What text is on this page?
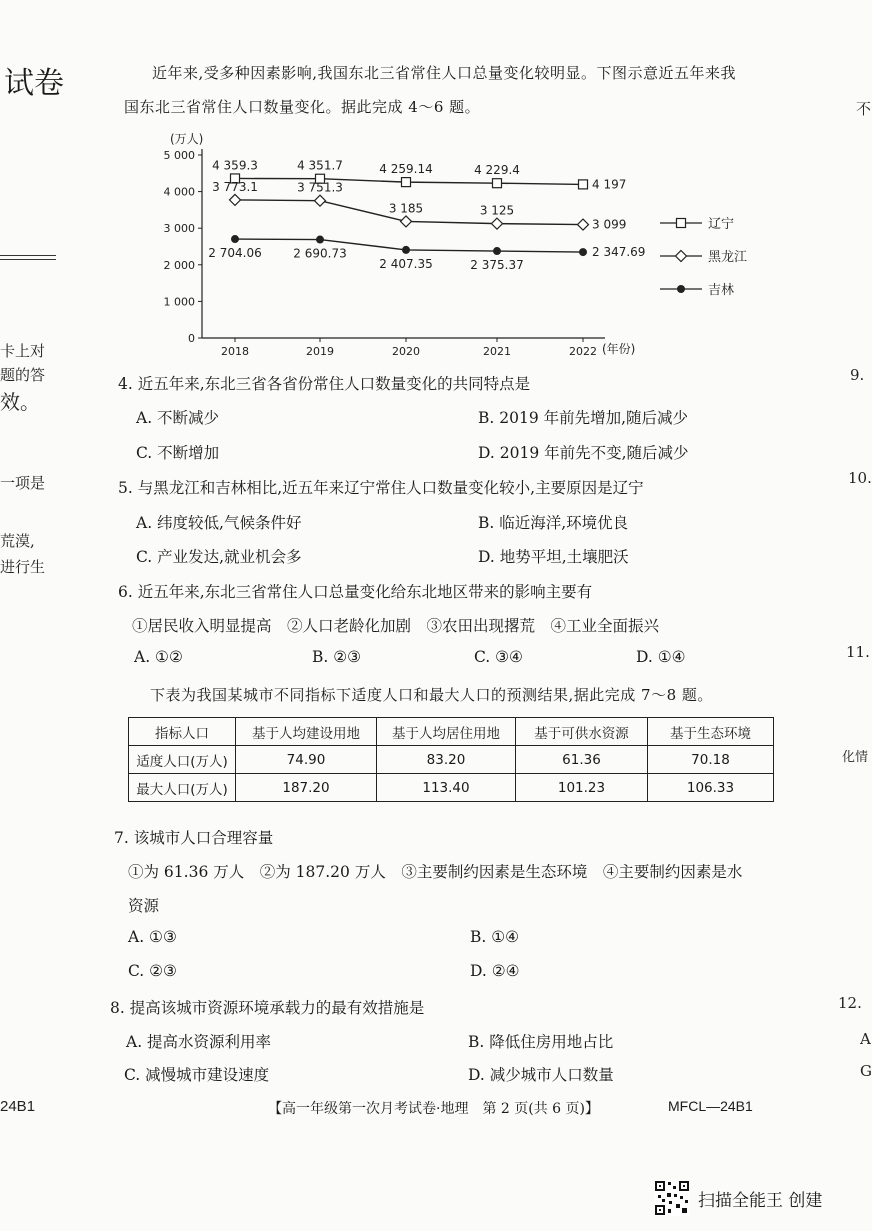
试卷
卡上对
题的答
效。
一项是
荒漠,
进行生
24B1
不
9.
10.
11.
化情
12.
A
G
近年来,受多种因素影响,我国东北三省常住人口总量变化较明显。下图示意近五年来我
国东北三省常住人口数量变化。据此完成 4～6 题。
(万人)
(年份)
0
1 000
2 000
3 000
4 000
5 000
2018	2019	2020	2021	2022
4 359.3	4 351.7	4 259.14	4 229.4
4 197
3 773.1	3 751.3
3 185	3 125
3 099
2 704.06	2 690.73
2 407.35	2 375.37
2 347.69
辽宁
黑龙江
吉林
4. 近五年来,东北三省各省份常住人口数量变化的共同特点是
A. 不断减少	B. 2019 年前先增加,随后减少
C. 不断增加	D. 2019 年前先不变,随后减少
5. 与黑龙江和吉林相比,近五年来辽宁常住人口数量变化较小,主要原因是辽宁
A. 纬度较低,气候条件好	B. 临近海洋,环境优良
C. 产业发达,就业机会多	D. 地势平坦,土壤肥沃
6. 近五年来,东北三省常住人口总量变化给东北地区带来的影响主要有
①居民收入明显提高　②人口老龄化加剧　③农田出现撂荒　④工业全面振兴
A. ①②	B. ②③	C. ③④	D. ①④
下表为我国某城市不同指标下适度人口和最大人口的预测结果,据此完成 7～8 题。
指标人口	基于人均建设用地	基于人均居住用地	基于可供水资源	基于生态环境
适度人口(万人)	74.90	83.20	61.36	70.18
最大人口(万人)	187.20	113.40	101.23	106.33
7. 该城市人口合理容量
①为 61.36 万人　②为 187.20 万人　③主要制约因素是生态环境　④主要制约因素是水
资源
A. ①③	B. ①④
C. ②③	D. ②④
8. 提高该城市资源环境承载力的最有效措施是
A. 提高水资源利用率	B. 降低住房用地占比
C. 减慢城市建设速度	D. 减少城市人口数量
【高一年级第一次月考试卷·地理　第 2 页(共 6 页)】	MFCL—24B1
扫描全能王 创建
